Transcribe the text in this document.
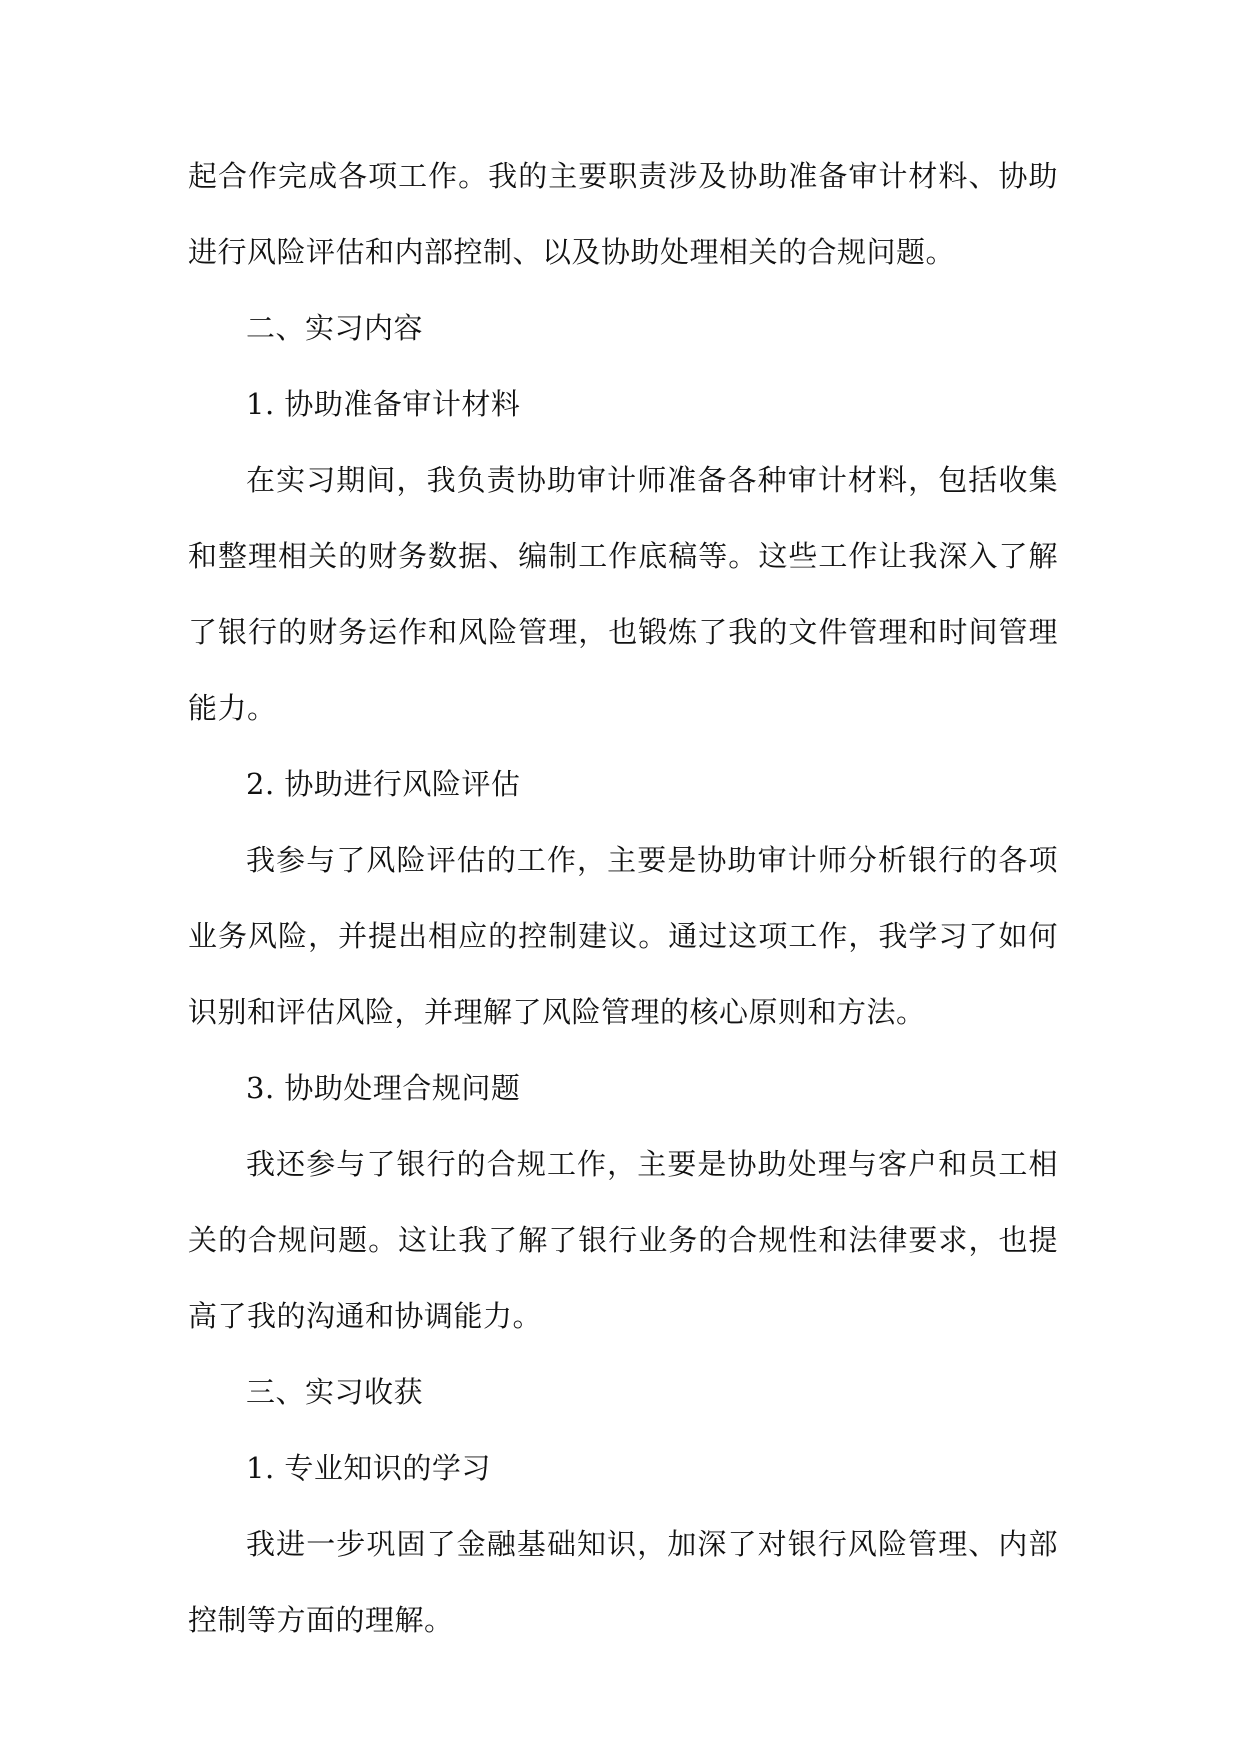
起合作完成各项工作。我的主要职责涉及协助准备审计材料、协助进行风险评估和内部控制、以及协助处理相关的合规问题。

二、实习内容

1. 协助准备审计材料

在实习期间，我负责协助审计师准备各种审计材料，包括收集和整理相关的财务数据、编制工作底稿等。这些工作让我深入了解了银行的财务运作和风险管理，也锻炼了我的文件管理和时间管理能力。

2. 协助进行风险评估

我参与了风险评估的工作，主要是协助审计师分析银行的各项业务风险，并提出相应的控制建议。通过这项工作，我学习了如何识别和评估风险，并理解了风险管理的核心原则和方法。

3. 协助处理合规问题

我还参与了银行的合规工作，主要是协助处理与客户和员工相关的合规问题。这让我了解了银行业务的合规性和法律要求，也提高了我的沟通和协调能力。

三、实习收获

1. 专业知识的学习

我进一步巩固了金融基础知识，加深了对银行风险管理、内部控制等方面的理解。
